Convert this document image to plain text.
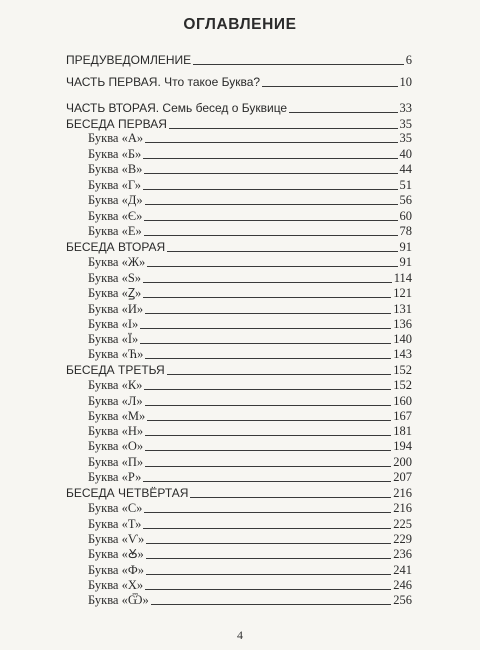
ОГЛАВЛЕНИЕ
ПРЕДУВЕДОМЛЕНИЕ	6
ЧАСТЬ ПЕРВАЯ. Что такое Буква?	10
ЧАСТЬ ВТОРАЯ. Семь бесед о Буквице	33
БЕСЕДА ПЕРВАЯ	35
Буква «А»	35
Буква «Б»	40
Буква «В»	44
Буква «Г»	51
Буква «Д»	56
Буква «Є»	60
Буква «Е»	78
БЕСЕДА ВТОРАЯ	91
Буква «Ж»	91
Буква «Ѕ»	114
Буква «Ꙁ»	121
Буква «И»	131
Буква «І»	136
Буква «Ї»	140
Буква «Ћ»	143
БЕСЕДА ТРЕТЬЯ	152
Буква «К»	152
Буква «Л»	160
Буква «М»	167
Буква «Н»	181
Буква «О»	194
Буква «П»	200
Буква «Р»	207
БЕСЕДА ЧЕТВЁРТАЯ	216
Буква «С»	216
Буква «Т»	225
Буква «Ѵ»	229
Буква «Ꙋ»	236
Буква «Ф»	241
Буква «Х»	246
Буква «Ѿ»	256
4
